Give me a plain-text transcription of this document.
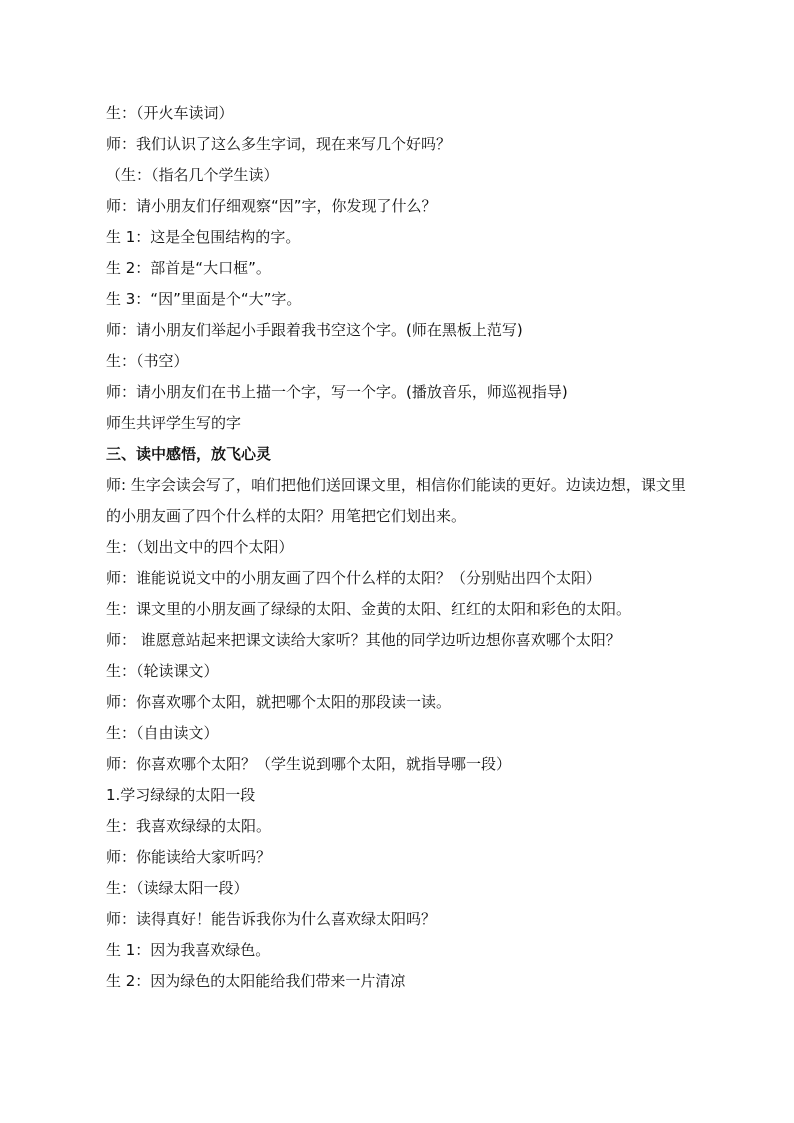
生：（开火车读词）
师：我们认识了这么多生字词，现在来写几个好吗？
（生：（指名几个学生读）
师：请小朋友们仔细观察“因”字，你发现了什么？
生 1：这是全包围结构的字。
生 2：部首是“大口框”。
生 3：“因”里面是个“大”字。
师：请小朋友们举起小手跟着我书空这个字。(师在黑板上范写)
生：（书空）
师：请小朋友们在书上描一个字，写一个字。(播放音乐，师巡视指导)
师生共评学生写的字
三、读中感悟，放飞心灵
师: 生字会读会写了，咱们把他们送回课文里，相信你们能读的更好。边读边想，课文里
的小朋友画了四个什么样的太阳？用笔把它们划出来。
生：（划出文中的四个太阳）
师：谁能说说文中的小朋友画了四个什么样的太阳？（分别贴出四个太阳）
生：课文里的小朋友画了绿绿的太阳、金黄的太阳、红红的太阳和彩色的太阳。
师： 谁愿意站起来把课文读给大家听？其他的同学边听边想你喜欢哪个太阳？
生：（轮读课文）
师：你喜欢哪个太阳，就把哪个太阳的那段读一读。
生：（自由读文）
师：你喜欢哪个太阳？（学生说到哪个太阳，就指导哪一段）
1.学习绿绿的太阳一段
生：我喜欢绿绿的太阳。
师：你能读给大家听吗？
生：（读绿太阳一段）
师：读得真好！能告诉我你为什么喜欢绿太阳吗？
生 1：因为我喜欢绿色。
生 2：因为绿色的太阳能给我们带来一片清凉
